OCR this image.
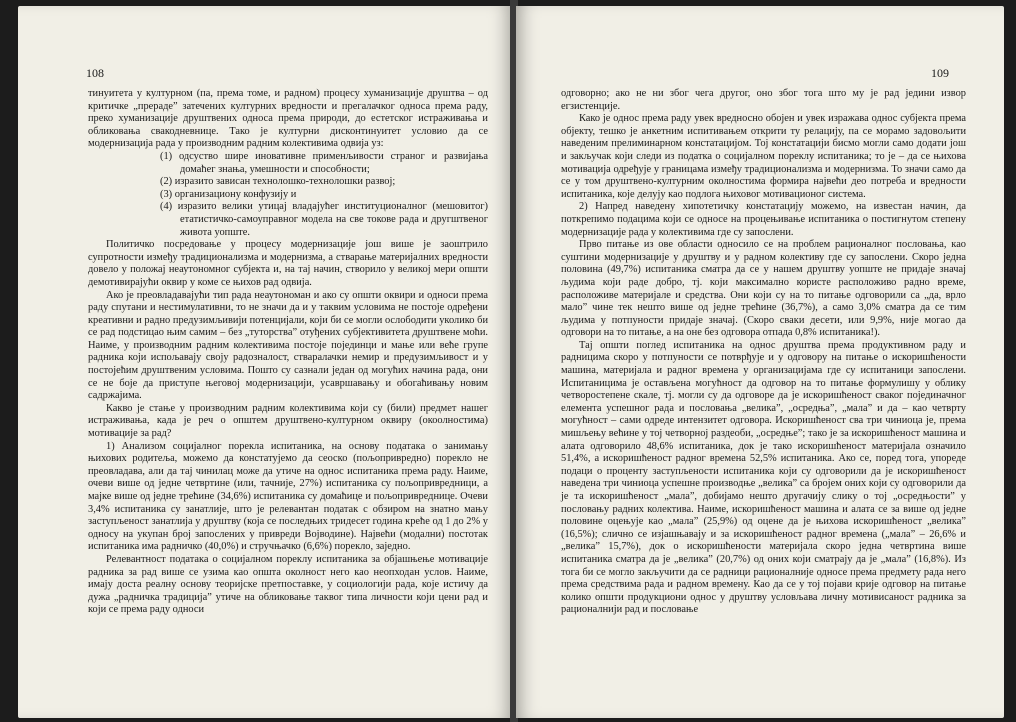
108

тинуитета у културном (па, према томе, и радном) процесу хуманизације друштва – од критичке „прераде” затечених културних вредности и прегалачког односа према раду, преко хуманизације друштвених односа према природи, до естетског истраживања и обликовања свакодневнице. Тако је културни дисконтинуитет условио да се модернизација рада у производним радним колективима одвија уз:

(1) одсуство шире иновативне применљивости страног и развијања домаћег знања, умешности и способности;
(2) изразито зависан технолошко-технолошки развој;
(3) организациону конфузију и
(4) изразито велики утицај владајућег институционалног (мешовитог) етатистичко-самоуправног модела на све токове рада и другштвеног живота уопште.

Политичко посредовање у процесу модернизације још више је заоштрило супротности између традиционализма и модернизма, а стварање материјалних вредности довело у положај неаутономног субјекта и, на тај начин, створило у великој мери општи демотивирајући оквир у коме се њихов рад одвија.

Ако је преовладавајући тип рада неаутономан и ако су општи оквири и односи према раду спутани и нестимулативни, то не значи да и у таквим условима не постоје одређени креативни и радно предузимљивији потенцијали, који би се могли ослободити уколико би се рад подстицао њим самим – без „туторства” отуђених субјективитета друштвене моћи. Наиме, у производним радним колективима постоје појединци и мање или веће групе радника који испољавају своју радозналост, стваралачки немир и предузимљивост и у постојећим друштвеним условима. Пошто су сазнали један од могућих начина рада, они се не боје да приступе његовој модернизацији, усавршавању и обогаћивању новим садржајима.

Какво је стање у производним радним колективима који су (били) предмет нашег истраживања, када је реч о општем друштвено-културном оквиру (окоолностима) мотивације за рад?

1) Анализом социјалног порекла испитаника, на основу података о занимању њихових родитеља, можемо да констатујемо да сеоско (пољопривредно) порекло не преовладава, али да тај чинилац може да утиче на однос испитаника према раду. Наиме, очеви више од једне четвртине (или, тачније, 27%) испитаника су пољопривредници, а мајке више од једне трећине (34,6%) испитаника су домаћице и пољопривреднице. Очеви 3,4% испитаника су занатлије, што је релевантан податак с обзиром на знатно мању заступљеност занатлија у друштву (која се последњих тридесет година креће од 1 до 2% у односу на укупан број запослених у привреди Војводине). Највећи (модални) постотак испитаника има радничко (40,0%) и стручњачко (6,6%) порекло, заједно.

Релевантност података о социјалном пореклу испитаника за објашњење мотивације радника за рад више се узима као општа околност него као неопходан услов. Наиме, имају доста реалну основу теоријске претпоставке, у социологији рада, које истичу да дужа „радничка традиција” утиче на обликовање таквог типа личности који цени рад и који се према раду односи

109

одговорно; ако не ни због чега другог, оно због тога што му је рад једини извор егзистенције.

Како је однос према раду увек вредносно обојен и увек изражава однос субјекта према објекту, тешко је анкетним испитивањем открити ту релацију, па се морамо задовољити наведеним прелиминарном констатацијом. Тој констатацији бисмо могли само додати још и закључак који следи из податка о социјалном пореклу испитаника; то је – да се њихова мотивација одређује у границама између традиционализма и модернизма. То значи само да се у том друштвено-културним околностима формира највећи део потреба и вредности испитаника, које делују као подлога њиховог мотивационог система.

2) Напред наведену хипотетичку констатацију можемо, на известан начин, да поткрепимо подацима који се односе на процењивање испитаника о постигнутом степену модернизације рада у колективима где су запослени.

Прво питање из ове области односило се на проблем рационалног пословања, као суштини модернизације у друштву и у радном колективу где су запослени. Скоро једна половина (49,7%) испитаника сматра да се у нашем друштву уопште не придаје значај људима који раде добро, тј. који максимално користе расположиво радно време, расположиве материјале и средства. Они који су на то питање одговорили са „да, врло мало” чине тек нешто више од једне трећине (36,7%), а само 3,0% сматра да се тим људима у потпуности придаје значај. (Скоро сваки десети, или 9,9%, није могао да одговори на то питање, а на оне без одговора отпада 0,8% испитаника!).

Тај општи поглед испитаника на однос друштва према продуктивном раду и радницима скоро у потпуности се потврђује и у одговору на питање о искоришћености машина, материјала и радног времена у организацијама где су испитаници запослени. Испитаницима је остављена могућност да одговор на то питање формулишу у облику четворостепене скале, тј. могли су да одговоре да је искоришћеност сваког појединачног елемента успешног рада и пословања „велика”, „осредња”, „мала” и да – као четврту могућност – сами одреде интензитет одговора. Искоришћеност сва три чиниоца је, према мишљењу већине у тој четворној раздеоби, „осредње”; тако је за искоришћеност машина и алата одговорило 48,6% испитаника, док је тако искоришћеност материјала означило 51,4%, а искоришћеност радног времена 52,5% испитаника. Ако се, поред тога, упореде подаци о проценту заступљености испитаника који су одговорили да је искоришћеност наведена три чиниоца успешне производње „велика” са бројем оних који су одговорили да је та искоришћеност „мала”, добијамо нешто другачију слику о тој „осредњости” у пословању радних колектива. Наиме, искоришћеност машина и алата се за више од једне половине оцењује као „мала” (25,9%) од оцене да је њихова искоришћеност „велика” (16,5%); слично се изјашњавају и за искоришћеност радног времена („мала” – 26,6% и „велика” 15,7%), док о искоришћености материјала скоро једна четвртина више испитаника сматра да је „велика” (20,7%) од оних који сматрају да је „мала” (16,8%). Из тога би се могло закључити да се радници рационалније односе према предмету рада него према средствима рада и радном времену. Као да се у тој појави крије одговор на питање колико општи продукциони однос у друштву условљава личну мотивисаност радника за рационалнији рад и пословање
